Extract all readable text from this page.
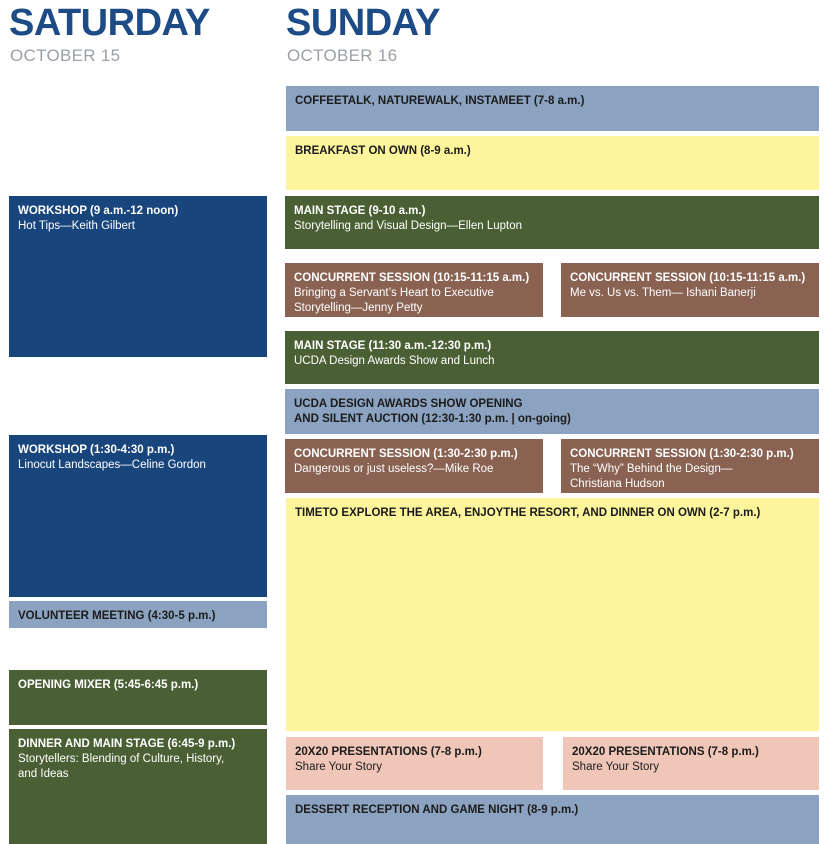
SATURDAY
OCTOBER 15
SUNDAY
OCTOBER 16
WORKSHOP (9 a.m.-12 noon)
Hot Tips—Keith Gilbert
WORKSHOP (1:30-4:30 p.m.)
Linocut Landscapes—Celine Gordon
VOLUNTEER MEETING (4:30-5 p.m.)
OPENING MIXER (5:45-6:45 p.m.)
DINNER AND MAIN STAGE (6:45-9 p.m.)
Storytellers: Blending of Culture, History,
and Ideas
COFFEETALK, NATUREWALK, INSTAMEET (7-8 a.m.)
BREAKFAST ON OWN (8-9 a.m.)
MAIN STAGE (9-10 a.m.)
Storytelling and Visual Design—Ellen Lupton
CONCURRENT SESSION (10:15-11:15 a.m.)
Bringing a Servant’s Heart to Executive
Storytelling—Jenny Petty
CONCURRENT SESSION (10:15-11:15 a.m.)
Me vs. Us vs. Them— Ishani Banerji
MAIN STAGE (11:30 a.m.-12:30 p.m.)
UCDA Design Awards Show and Lunch
UCDA DESIGN AWARDS SHOW OPENING
AND SILENT AUCTION (12:30-1:30 p.m. | on-going)
CONCURRENT SESSION (1:30-2:30 p.m.)
Dangerous or just useless?—Mike Roe
CONCURRENT SESSION (1:30-2:30 p.m.)
The “Why” Behind the Design—
Christiana Hudson
TIMETO EXPLORE THE AREA, ENJOYTHE RESORT, AND DINNER ON OWN (2-7 p.m.)
20X20 PRESENTATIONS (7-8 p.m.)
Share Your Story
20X20 PRESENTATIONS (7-8 p.m.)
Share Your Story
DESSERT RECEPTION AND GAME NIGHT (8-9 p.m.)
